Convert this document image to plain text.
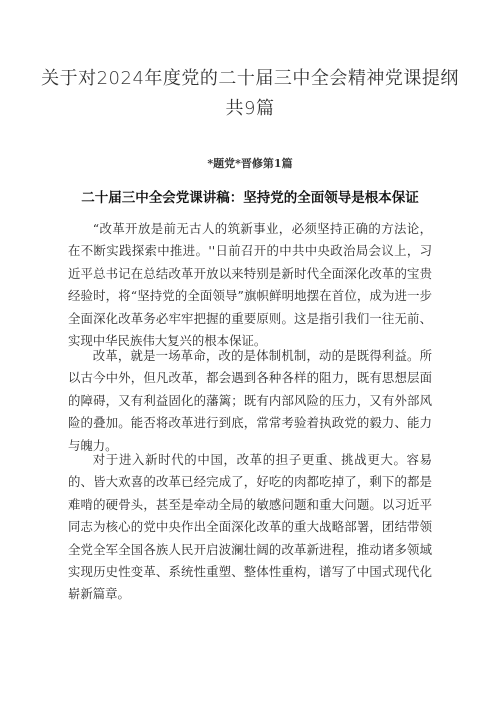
关于对2024年度党的二十届三中全会精神党课提纲共9篇
*题党*晋修第1篇
二十届三中全会党课讲稿：坚持党的全面领导是根本保证

“改革开放是前无古人的筑新事业，必须坚持正确的方法论，在不断实践探索中推进。''日前召开的中共中央政治局会议上，习近平总书记在总结改革开放以来特别是新时代全面深化改革的宝贵经验时，将“坚持党的全面领导”旗帜鲜明地摆在首位，成为进一步全面深化改革务必牢牢把握的重要原则。这是指引我们一往无前、实现中华民族伟大复兴的根本保证。

改革，就是一场革命，改的是体制机制，动的是既得利益。所以古今中外，但凡改革，都会遇到各种各样的阻力，既有思想层面的障碍，又有利益固化的藩篱；既有内部风险的压力，又有外部风险的叠加。能否将改革进行到底，常常考验着执政党的毅力、能力与魄力。

对于进入新时代的中国，改革的担子更重、挑战更大。容易的、皆大欢喜的改革已经完成了，好吃的肉都吃掉了，剩下的都是难啃的硬骨头，甚至是牵动全局的敏感问题和重大问题。以习近平同志为核心的党中央作出全面深化改革的重大战略部署，团结带领全党全军全国各族人民开启波澜壮阔的改革新进程，推动诸多领域实现历史性变革、系统性重塑、整体性重构，谱写了中国式现代化崭新篇章。
